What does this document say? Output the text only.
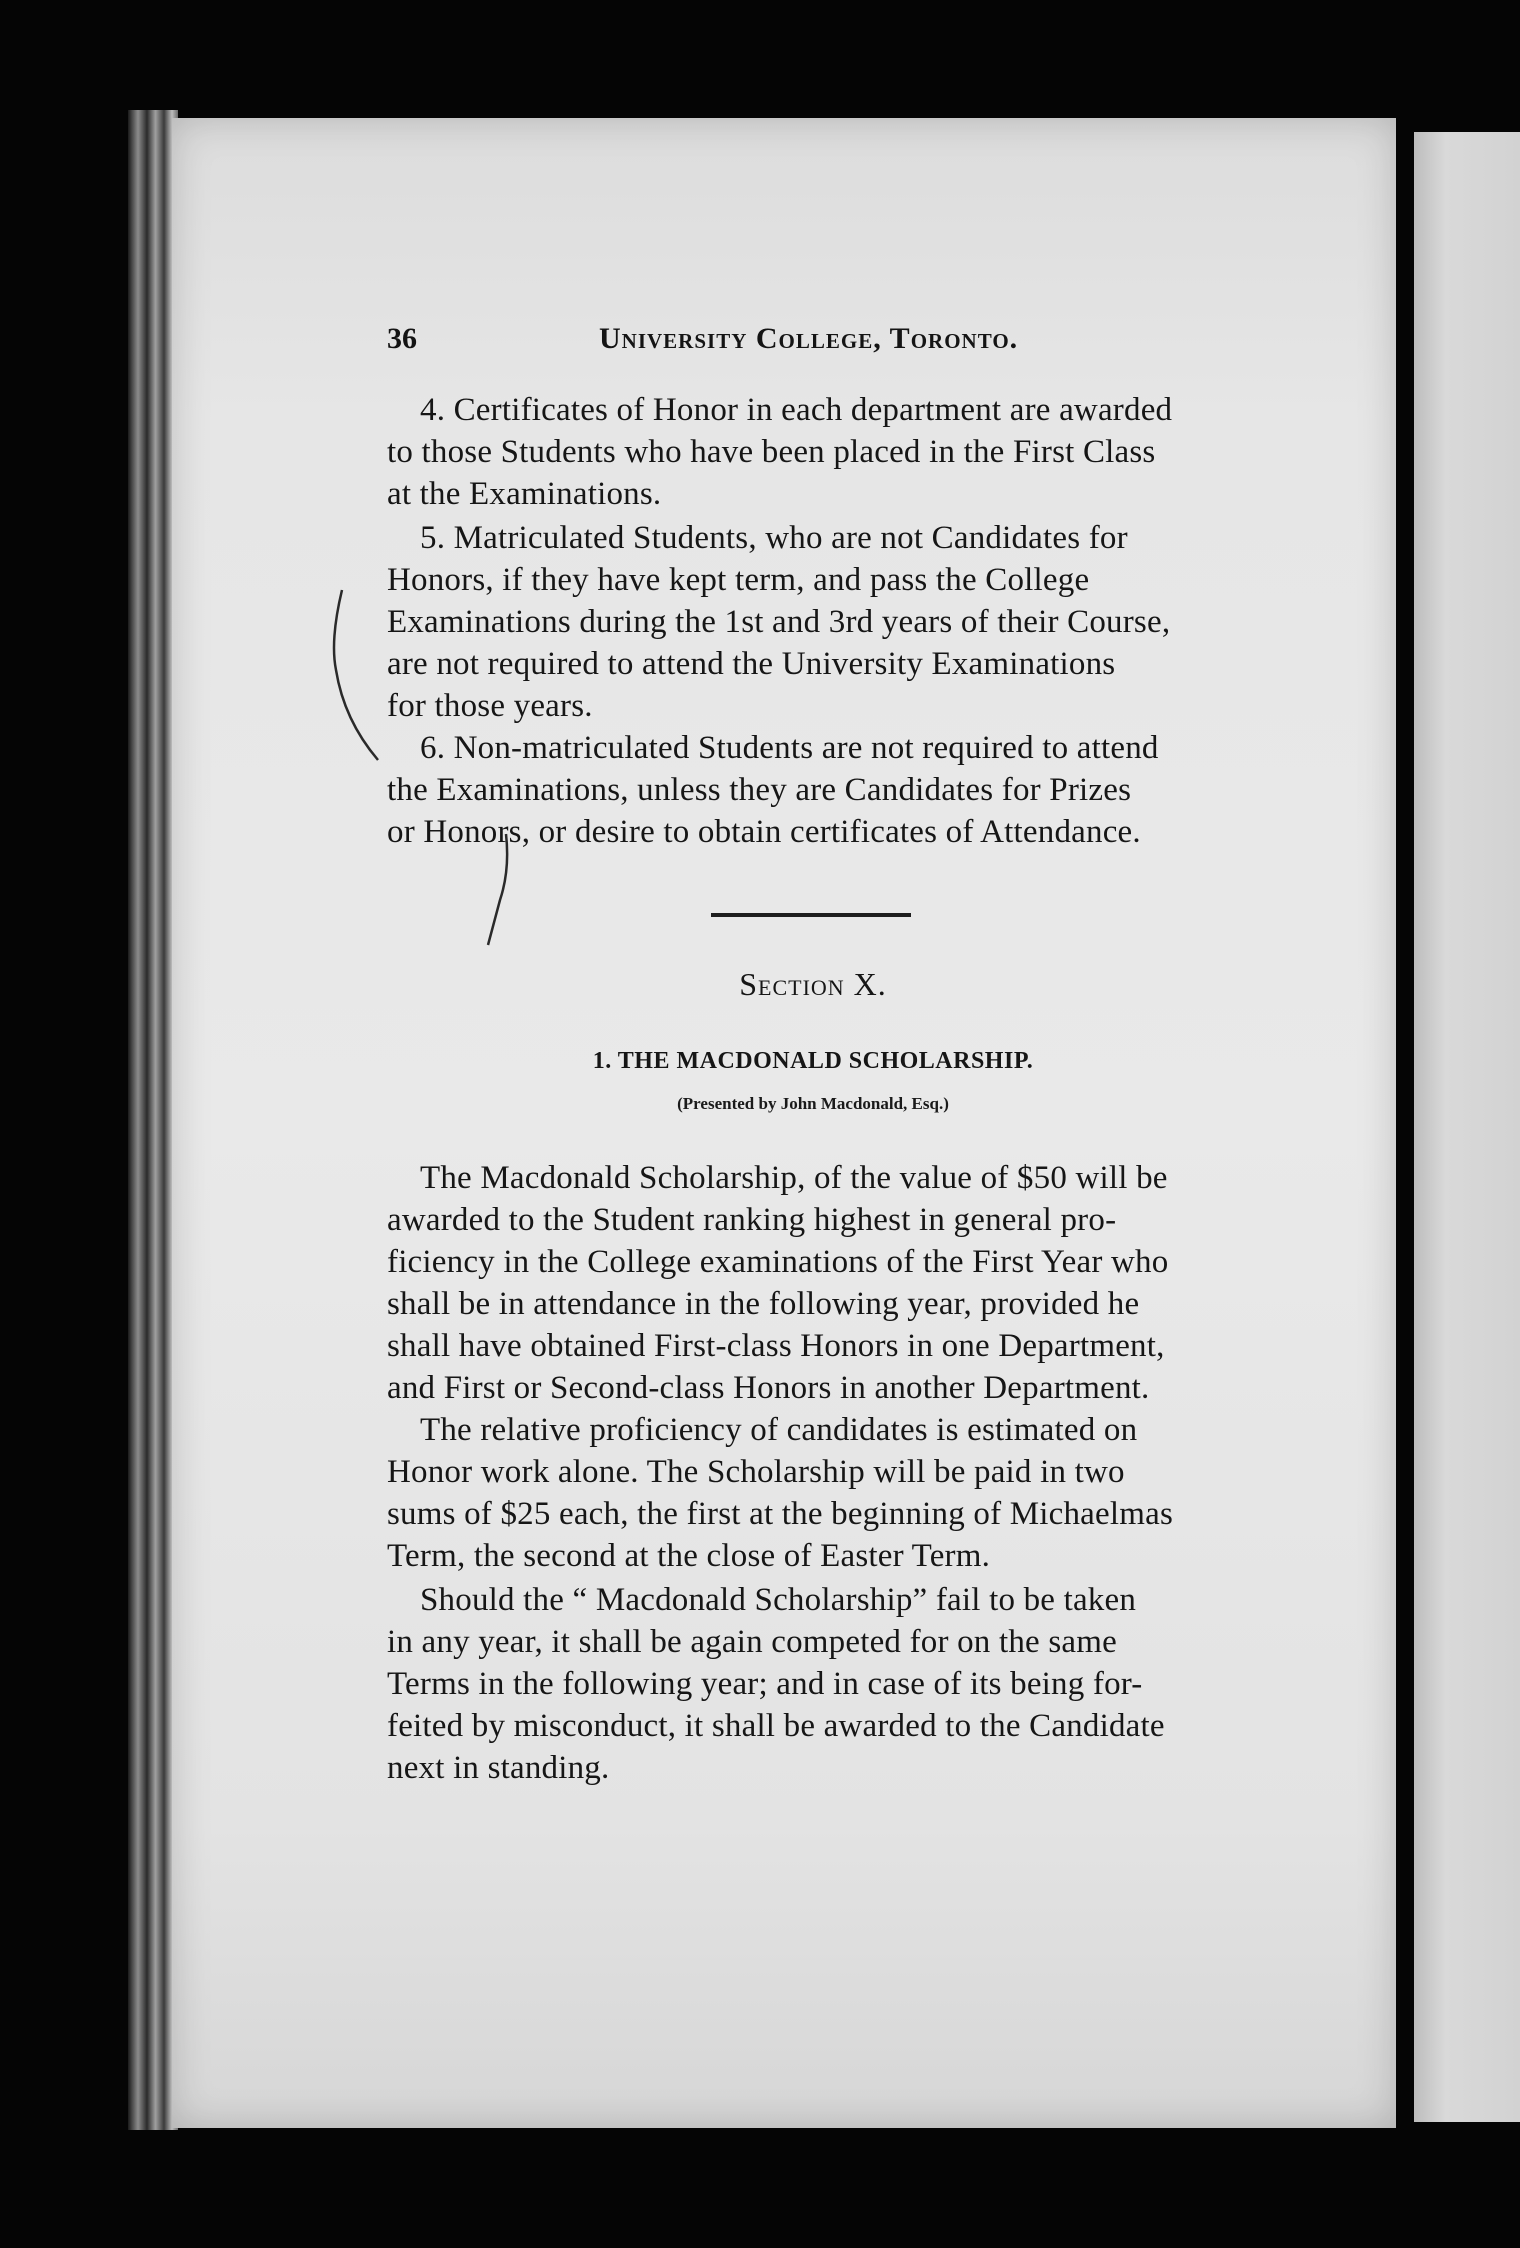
36	University College, Toronto.
4. Certificates of Honor in each department are awarded
to those Students who have been placed in the First Class
at the Examinations.
5. Matriculated Students, who are not Candidates for
Honors, if they have kept term, and pass the College
Examinations during the 1st and 3rd years of their Course,
are not required to attend the University Examinations
for those years.
6. Non-matriculated Students are not required to attend
the Examinations, unless they are Candidates for Prizes
or Honors, or desire to obtain certificates of Attendance.
Section X.
1. THE MACDONALD SCHOLARSHIP.
(Presented by John Macdonald, Esq.)
The Macdonald Scholarship, of the value of $50 will be
awarded to the Student ranking highest in general pro-
ficiency in the College examinations of the First Year who
shall be in attendance in the following year, provided he
shall have obtained First-class Honors in one Department,
and First or Second-class Honors in another Department.
The relative proficiency of candidates is estimated on
Honor work alone. The Scholarship will be paid in two
sums of $25 each, the first at the beginning of Michaelmas
Term, the second at the close of Easter Term.
Should the “ Macdonald Scholarship” fail to be taken
in any year, it shall be again competed for on the same
Terms in the following year; and in case of its being for-
feited by misconduct, it shall be awarded to the Candidate
next in standing.
